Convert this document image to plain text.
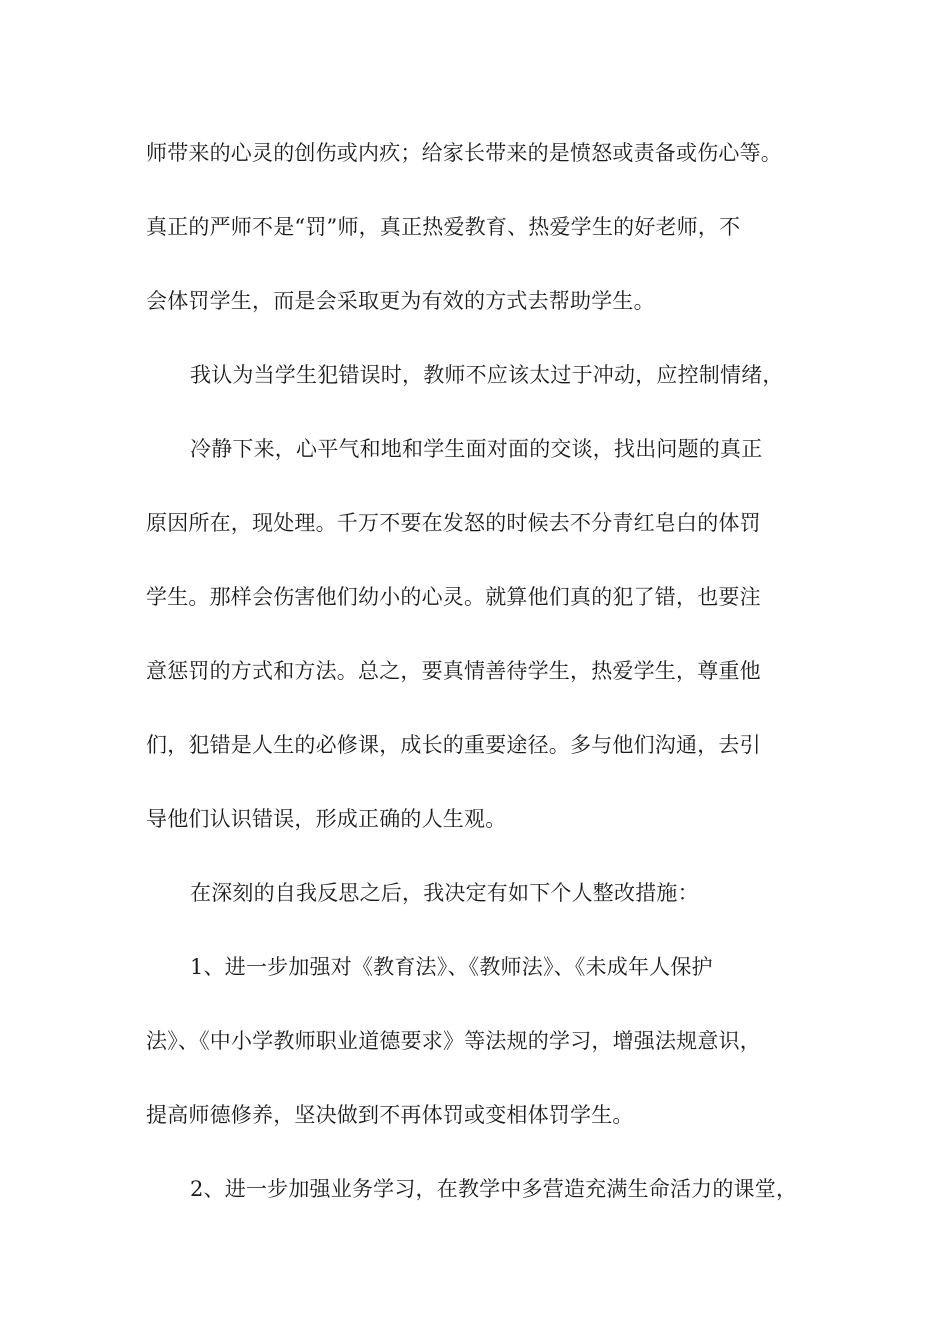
师带来的心灵的创伤或内疚；给家长带来的是愤怒或责备或伤心等。
真正的严师不是“罚”师，真正热爱教育、热爱学生的好老师，不
会体罚学生，而是会采取更为有效的方式去帮助学生。
我认为当学生犯错误时，教师不应该太过于冲动，应控制情绪，
冷静下来，心平气和地和学生面对面的交谈，找出问题的真正
原因所在，现处理。千万不要在发怒的时候去不分青红皂白的体罚
学生。那样会伤害他们幼小的心灵。就算他们真的犯了错，也要注
意惩罚的方式和方法。总之，要真情善待学生，热爱学生，尊重他
们，犯错是人生的必修课，成长的重要途径。多与他们沟通，去引
导他们认识错误，形成正确的人生观。
在深刻的自我反思之后，我决定有如下个人整改措施：
1、进一步加强对《教育法》、《教师法》、《未成年人保护
法》、《中小学教师职业道德要求》等法规的学习，增强法规意识，
提高师德修养，坚决做到不再体罚或变相体罚学生。
2、进一步加强业务学习，在教学中多营造充满生命活力的课堂，
